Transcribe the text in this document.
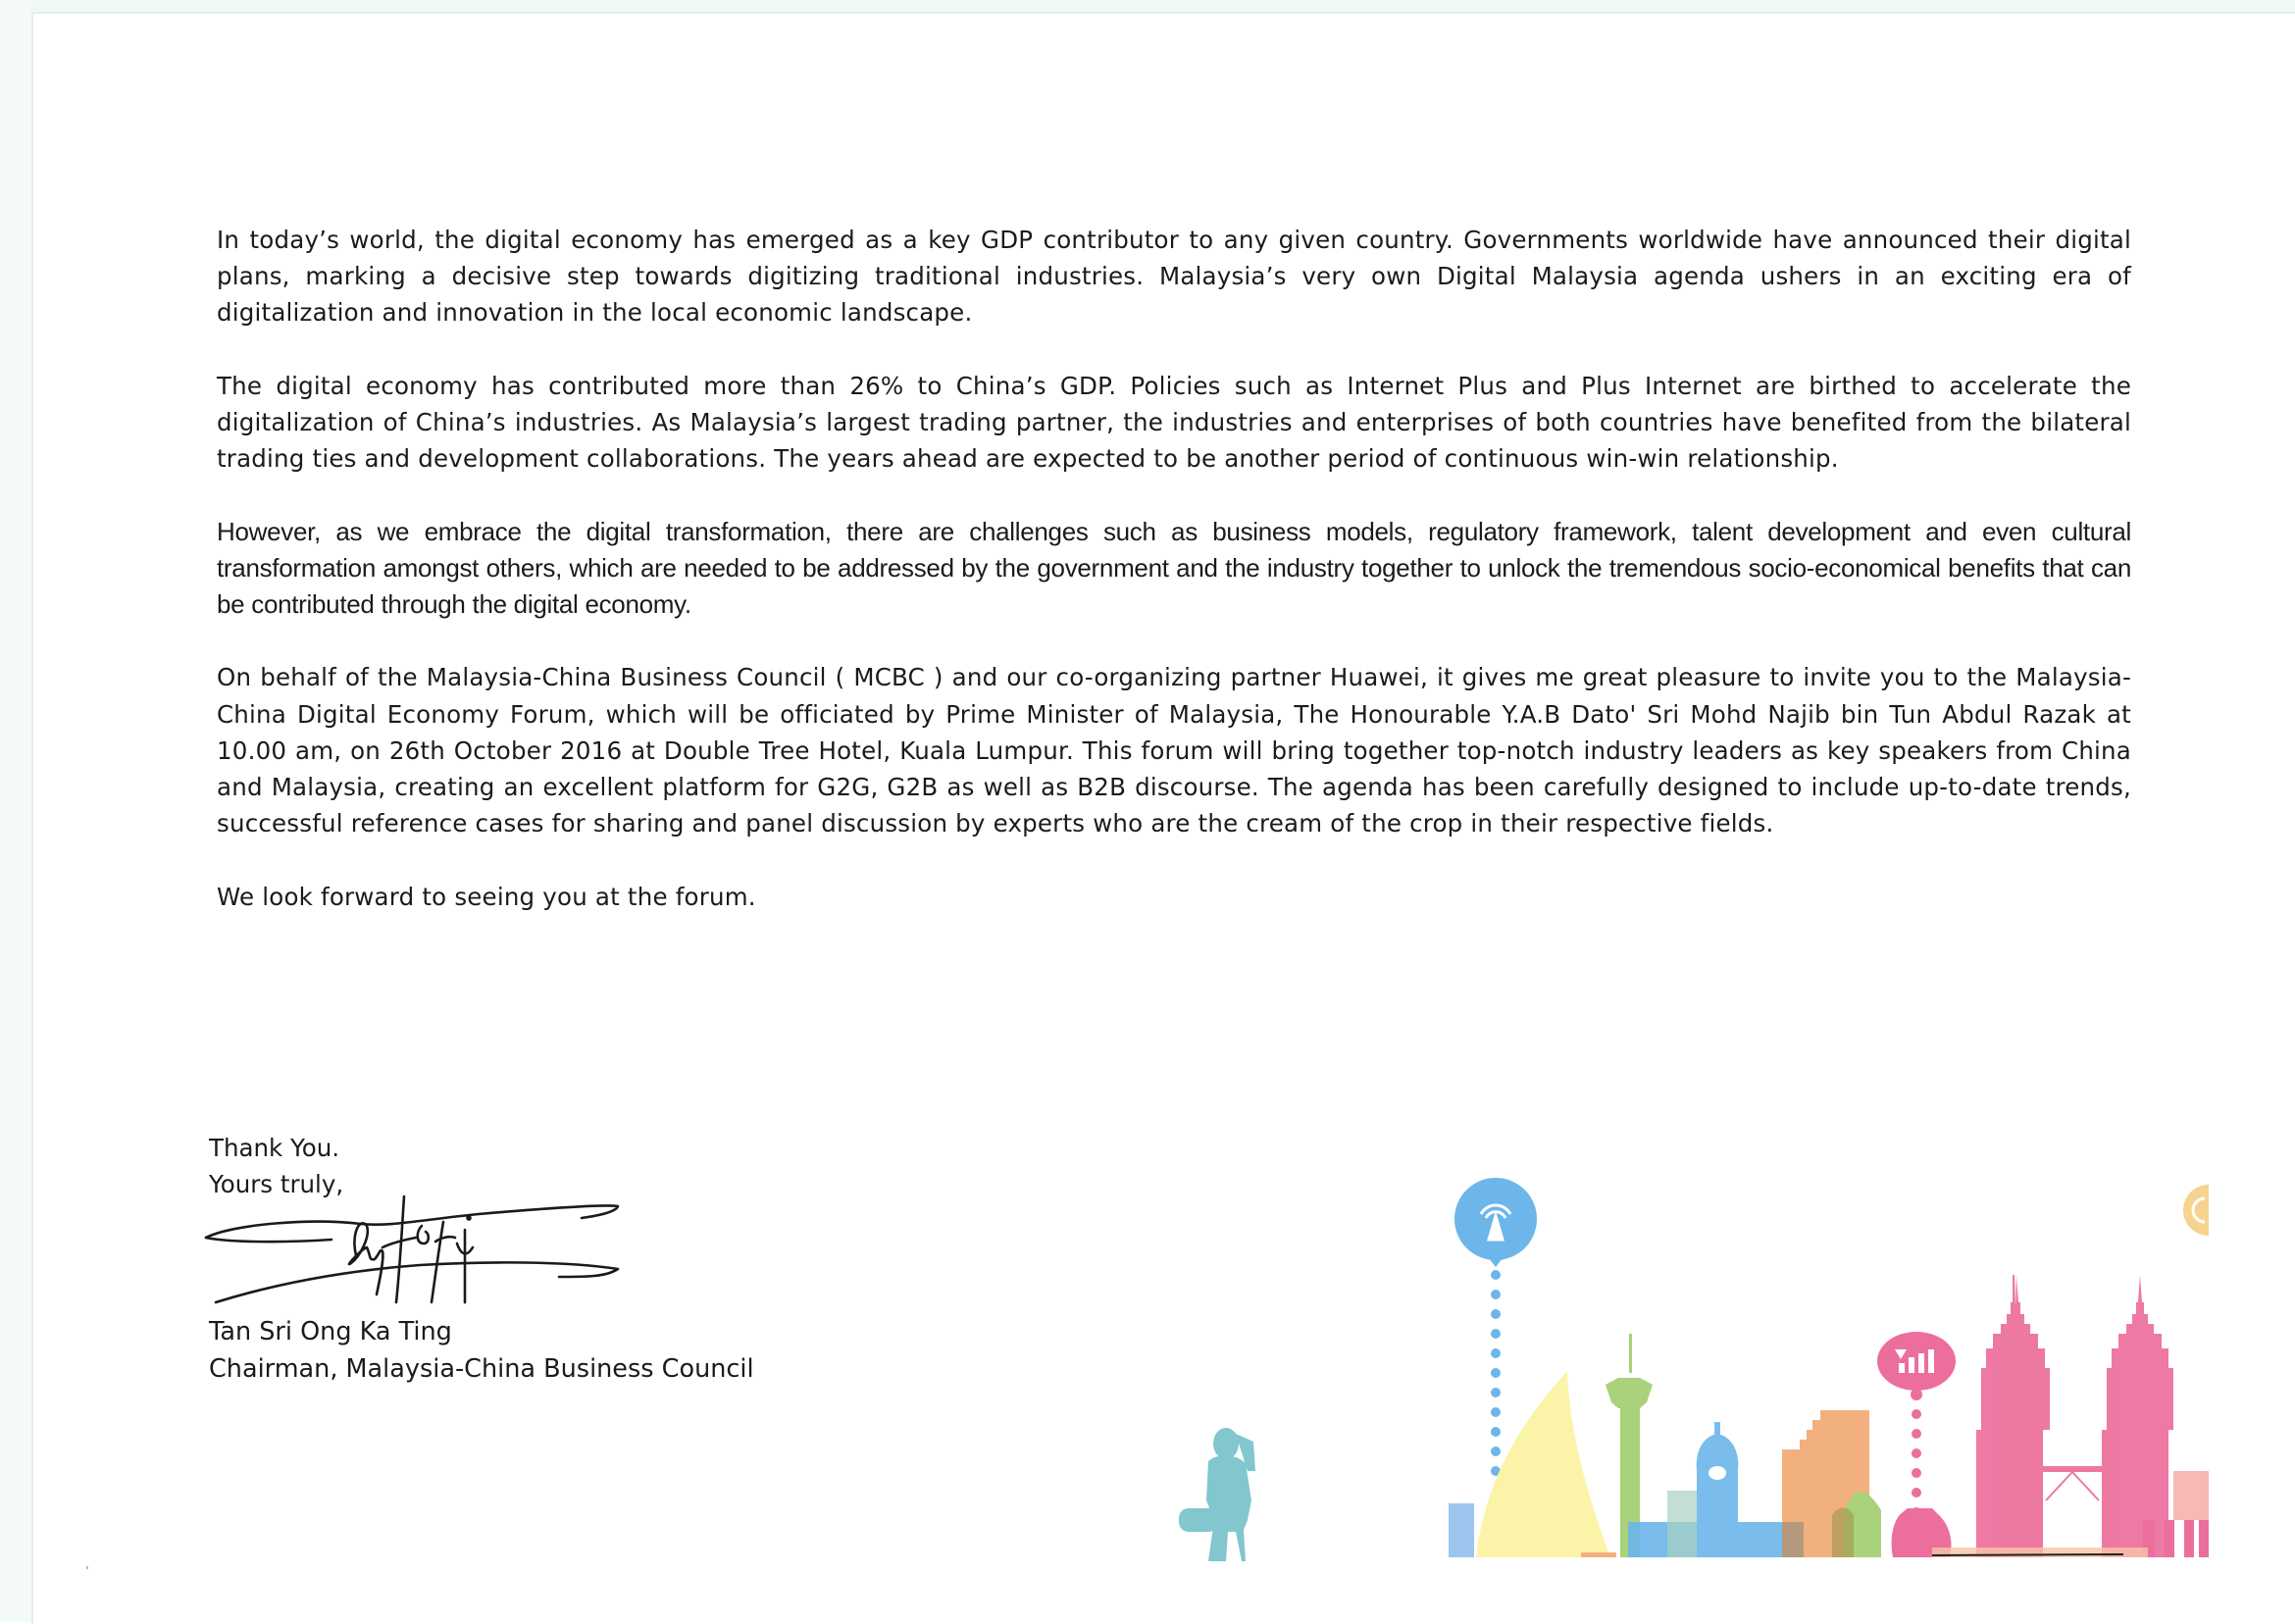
In today’s world, the digital economy has emerged as a key GDP contributor to any given country. Governments worldwide have announced their digital plans, marking a decisive step towards digitizing traditional industries. Malaysia’s very own Digital Malaysia agenda ushers in an exciting era of digitalization and innovation in the local economic landscape.

The digital economy has contributed more than 26% to China’s GDP. Policies such as Internet Plus and Plus Internet are birthed to accelerate the digitalization of China’s industries. As Malaysia’s largest trading partner, the industries and enterprises of both countries have benefited from the bilateral trading ties and development collaborations. The years ahead are expected to be another period of continuous win-win relationship.

However, as we embrace the digital transformation, there are challenges such as business models, regulatory framework, talent development and even cultural transformation amongst others, which are needed to be addressed by the government and the industry together to unlock the tremendous socio-economical benefits that can be contributed through the digital economy.

On behalf of the Malaysia-China Business Council ( MCBC ) and our co-organizing partner Huawei, it gives me great pleasure to invite you to the Malaysia-China Digital Economy Forum, which will be officiated by Prime Minister of Malaysia, The Honourable Y.A.B Dato' Sri Mohd Najib bin Tun Abdul Razak at 10.00 am, on 26th October 2016 at Double Tree Hotel, Kuala Lumpur. This forum will bring together top-notch industry leaders as key speakers from China and Malaysia, creating an excellent platform for G2G, G2B as well as B2B discourse. The agenda has been carefully designed to include up-to-date trends, successful reference cases for sharing and panel discussion by experts who are the cream of the crop in their respective fields.

We look forward to seeing you at the forum.

Thank You.
Yours truly,
Tan Sri Ong Ka Ting
Chairman, Malaysia-China Business Council
